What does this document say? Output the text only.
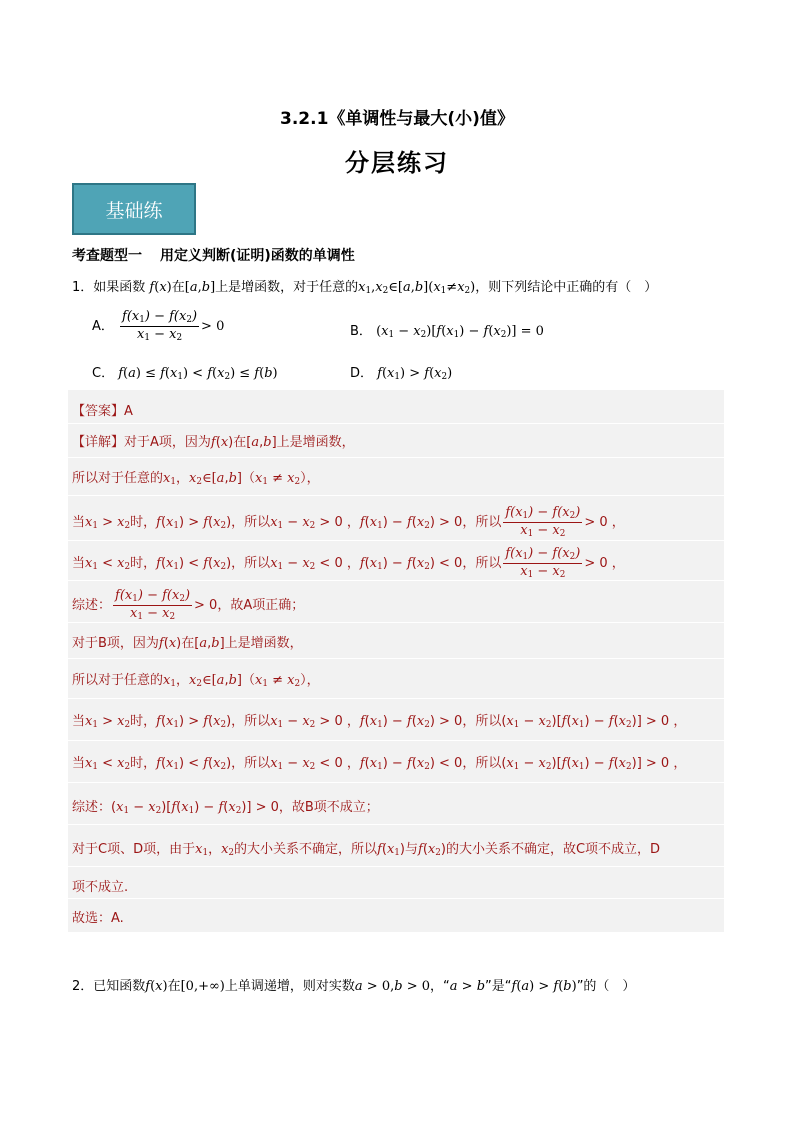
3.2.1《单调性与最大(小)值》
分层练习
基础练
考查题型一 用定义判断(证明)函数的单调性
1．如果函数 f(x)在[a,b]上是增函数，对于任意的$x_1,x_2\in[a,b](x_1\ne x_2)$，则下列结论中正确的有（　）
A． $\frac{f(x_1) - f(x_2)}{x_1 - x_2} > 0$	B． $(x_1 - x_2)[f(x_1) - f(x_2)] = 0$
C． $f(a) \le f(x_1) < f(x_2) \le f(b)$	D． $f(x_1) > f(x_2)$
【答案】A
【详解】对于A项，因为f(x)在[a,b]上是增函数，
所以对于任意的$x_1$，$x_2\in[a,b](x_1 \ne x_2)$，
当$x_1 > x_2$时，$f(x_1) > f(x_2)$，所以$x_1 - x_2 > 0$ ，$f(x_1) - f(x_2) > 0$，所以 $\frac{f(x_1) - f(x_2)}{x_1 - x_2} > 0$ ，
当$x_1 < x_2$时，$f(x_1) < f(x_2)$，所以$x_1 - x_2 < 0$ ，$f(x_1) - f(x_2) < 0$，所以 $\frac{f(x_1) - f(x_2)}{x_1 - x_2} > 0$ ，
综述： $\frac{f(x_1) - f(x_2)}{x_1 - x_2} > 0$，故A项正确；
对于B项，因为f(x)在[a,b]上是增函数，
所以对于任意的$x_1$，$x_2\in[a,b](x_1 \ne x_2)$，
当$x_1 > x_2$时，$f(x_1) > f(x_2)$，所以$x_1 - x_2 > 0$ ，$f(x_1) - f(x_2) > 0$，所以$(x_1 - x_2)[f(x_1) - f(x_2)] > 0$ ，
当$x_1 < x_2$时，$f(x_1) < f(x_2)$，所以$x_1 - x_2 < 0$ ，$f(x_1) - f(x_2) < 0$，所以$(x_1 - x_2)[f(x_1) - f(x_2)] > 0$ ，
综述：$(x_1 - x_2)[f(x_1) - f(x_2)] > 0$，故B项不成立；
对于C项、D项，由于$x_1$，$x_2$的大小关系不确定，所以$f(x_1)$与$f(x_2)$的大小关系不确定，故C项不成立，D
项不成立.
故选：A.
2．已知函数f(x)在[0,+∞)上单调递增，则对实数a > 0,b > 0，“a > b”是“f(a) > f(b)”的（　）
